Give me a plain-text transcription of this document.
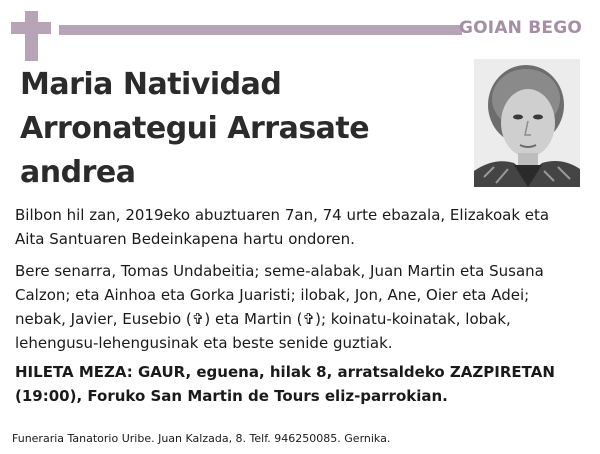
GOIAN BEGO
Maria Natividad Arronategui Arrasate andrea
Bilbon hil zan, 2019eko abuztuaren 7an, 74 urte ebazala, Elizakoak eta Aita Santuaren Bedeinkapena hartu ondoren.
Bere senarra, Tomas Undabeitia; seme-alabak, Juan Martin eta Susana Calzon; eta Ainhoa eta Gorka Juaristi; ilobak, Jon, Ane, Oier eta Adei; nebak, Javier, Eusebio (✞) eta Martin (✞); koinatu-koinatak, lobak, lehengusu-lehengusinak eta beste senide guztiak.
HILETA MEZA: GAUR, eguena, hilak 8, arratsaldeko ZAZPIRETAN (19:00), Foruko San Martin de Tours eliz-parrokian.
Funeraria Tanatorio Uribe. Juan Kalzada, 8. Telf. 946250085. Gernika.
